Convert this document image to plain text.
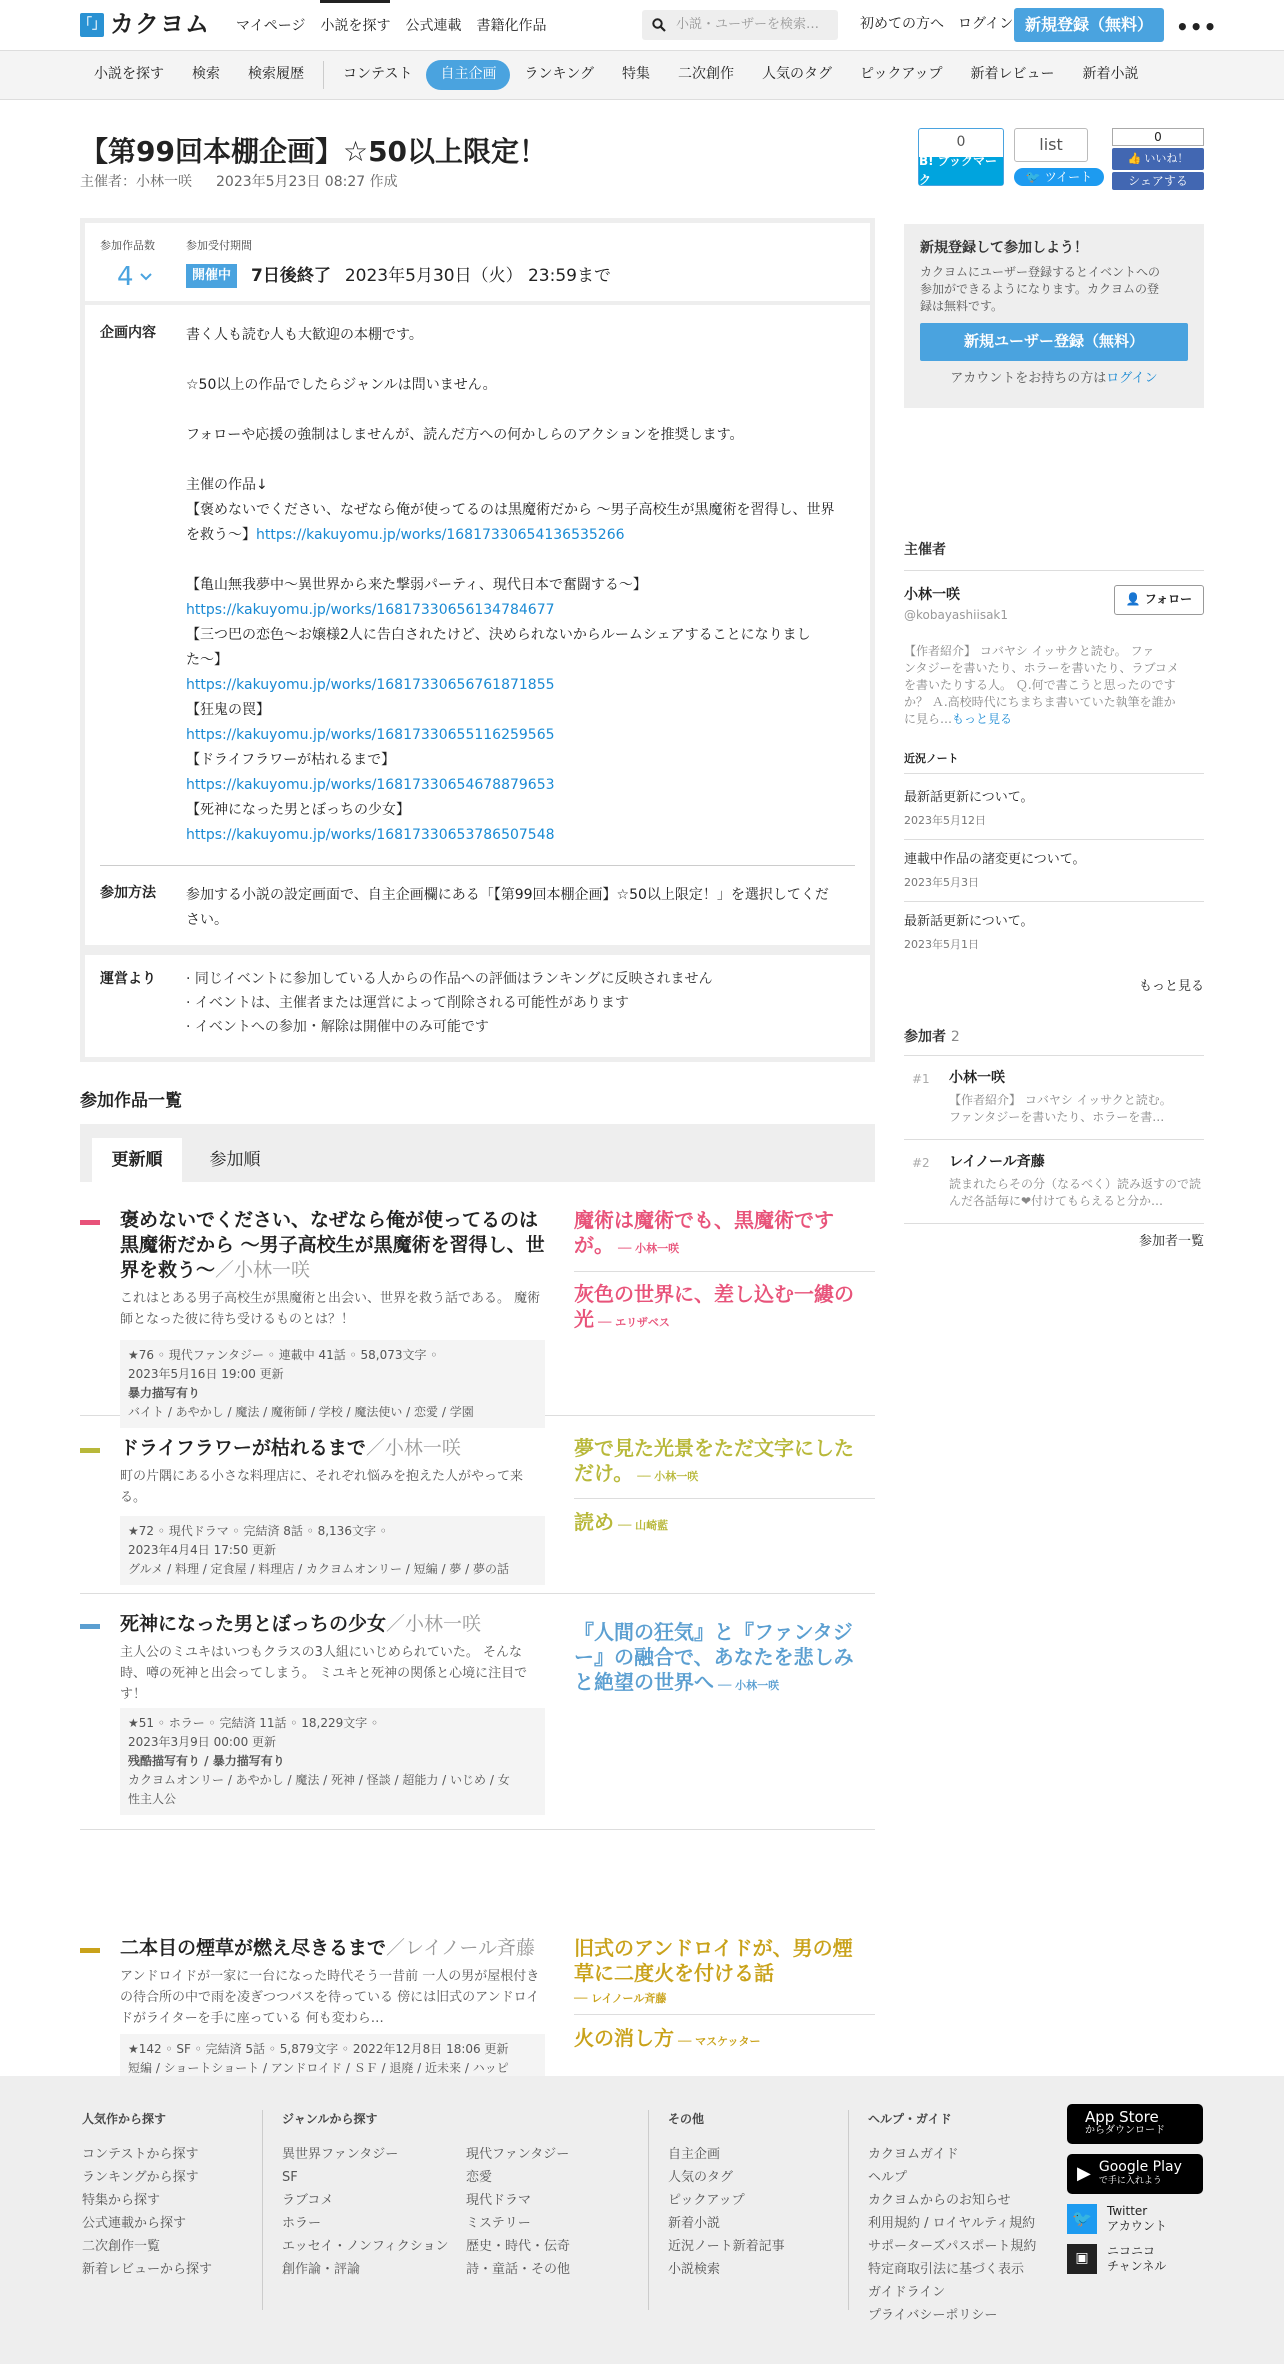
「」 カクヨム マイページ 小説を探す 公式連載 書籍化作品	小説・ユーザーを検索…	初めての方へ ログイン 新規登録（無料）	•••
小説を探す	検索	検索履歴	コンテスト	自主企画	ランキング	特集	二次創作	人気のタグ	ピックアップ	新着レビュー	新着小説
【第99回本棚企画】☆50以上限定！
主催者：小林一咲 2023年5月23日 08:27 作成
参加作品数
4
参加受付期間
開催中	7日後終了 2023年5月30日（火） 23:59まで
企画内容 書く人も読む人も大歓迎の本棚です。
☆50以上の作品でしたらジャンルは問いません。
フォローや応援の強制はしませんが、読んだ方への何かしらのアクションを推奨します。
主催の作品↓
【褒めないでください、なぜなら俺が使ってるのは黒魔術だから 〜男子高校生が黒魔術を習得し、世界
を救う〜】https://kakuyomu.jp/works/16817330654136535266
【亀山無我夢中〜異世界から来た撃弱パーティ、現代日本で奮闘する〜】
https://kakuyomu.jp/works/16817330656134784677
【三つ巴の恋色〜お嬢様2人に告白されたけど、決められないからルームシェアすることになりまし
た〜】
https://kakuyomu.jp/works/16817330656761871855
【狂鬼の罠】
https://kakuyomu.jp/works/16817330655116259565
【ドライフラワーが枯れるまで】
https://kakuyomu.jp/works/16817330654678879653
【死神になった男とぼっちの少女】
https://kakuyomu.jp/works/16817330653786507548
参加方法 参加する小説の設定画面で、自主企画欄にある「【第99回本棚企画】☆50以上限定！」を選択してくだ
さい。
運営より · 同じイベントに参加している人からの作品への評価はランキングに反映されません
· イベントは、主催者または運営によって削除される可能性があります
· イベントへの参加・解除は開催中のみ可能です
参加作品一覧
更新順	参加順
褒めないでください、なぜなら俺が使ってるのは
黒魔術だから 〜男子高校生が黒魔術を習得し、世
界を救う〜／小林一咲
これはとある男子高校生が黒魔術と出会い、世界を救う話である。 魔術
師となった彼に待ち受けるものとは？！
★76 ◦ 現代ファンタジー ◦ 連載中 41話 ◦ 58,073文字 ◦
2023年5月16日 19:00 更新
暴力描写有り
バイト / あやかし / 魔法 / 魔術師 / 学校 / 魔法使い / 恋愛 / 学園
魔術は魔術でも、黒魔術です
が。 ── 小林一咲
灰色の世界に、差し込む一縷の
光 ── エリザベス
ドライフラワーが枯れるまで／小林一咲
町の片隅にある小さな料理店に、それぞれ悩みを抱えた人がやって来
る。
★72 ◦ 現代ドラマ ◦ 完結済 8話 ◦ 8,136文字 ◦
2023年4月4日 17:50 更新
グルメ / 料理 / 定食屋 / 料理店 / カクヨムオンリー / 短編 / 夢 / 夢の話
夢で見た光景をただ文字にした
だけ。 ── 小林一咲
読め ── 山崎藍
死神になった男とぼっちの少女／小林一咲
主人公のミユキはいつもクラスの3人組にいじめられていた。 そんな
時、噂の死神と出会ってしまう。 ミユキと死神の関係と心境に注目で
す！
★51 ◦ ホラー ◦ 完結済 11話 ◦ 18,229文字 ◦
2023年3月9日 00:00 更新
残酷描写有り / 暴力描写有り
カクヨムオンリー / あやかし / 魔法 / 死神 / 怪談 / 超能力 / いじめ / 女
性主人公
『人間の狂気』と『ファンタジ
ー』の融合で、あなたを悲しみ
と絶望の世界へ ── 小林一咲
二本目の煙草が燃え尽きるまで／レイノール斉藤
アンドロイドが一家に一台になった時代そう一昔前 一人の男が屋根付き
の待合所の中で雨を凌ぎつつバスを待っている 傍には旧式のアンドロイ
ドがライターを手に座っている 何も変わら…
★142 ◦ SF ◦ 完結済 5話 ◦ 5,879文字 ◦ 2022年12月8日 18:06 更新
短編 / ショートショート / アンドロイド / ＳＦ / 退廃 / 近未来 / ハッピ
旧式のアンドロイドが、男の煙
草に二度火を付ける話
── レイノール斉藤
火の消し方 ── マスケッター
0
B! ブックマーク
list
🐦 ツイート
0
👍 いいね！
シェアする
新規登録して参加しよう！
カクヨムにユーザー登録するとイベントへの
参加ができるようになります。カクヨムの登
録は無料です。
新規ユーザー登録（無料）
アカウントをお持ちの方はログイン
主催者
小林一咲
@kobayashiisak1
👤 フォロー
【作者紹介】 コバヤシ イッサクと読む。 ファ
ンタジーを書いたり、ホラーを書いたり、ラブコメ
を書いたりする人。 Ｑ.何で書こうと思ったのです
か？ Ａ.高校時代にちまちま書いていた執筆を誰か
に見ら…もっと見る
近況ノート
最新話更新について。
2023年5月12日
連載中作品の諸変更について。
2023年5月3日
最新話更新について。
2023年5月1日
もっと見る
参加者 2
#1 小林一咲
【作者紹介】 コバヤシ イッサクと読む。
ファンタジーを書いたり、ホラーを書…
#2 レイノール斉藤
読まれたらその分（なるべく）読み返すので読
んだ各話毎に❤付けてもらえると分か…
参加者一覧
人気作から探す
コンテストから探す
ランキングから探す
特集から探す
公式連載から探す
二次創作一覧
新着レビューから探す
ジャンルから探す
異世界ファンタジー
SF
ラブコメ
ホラー
エッセイ・ノンフィクション
創作論・評論
現代ファンタジー
恋愛
現代ドラマ
ミステリー
歴史・時代・伝奇
詩・童話・その他
その他
自主企画
人気のタグ
ピックアップ
新着小説
近況ノート新着記事
小説検索
ヘルプ・ガイド
カクヨムガイド
ヘルプ
カクヨムからのお知らせ
利用規約 / ロイヤルティ規約
サポーターズパスポート規約
特定商取引法に基づく表示
ガイドライン
プライバシーポリシー
App Store
からダウンロード
▶ Google Play
で手に入れよう
🐦	Twitter
アカウント
▣	ニコニコ
チャンネル
